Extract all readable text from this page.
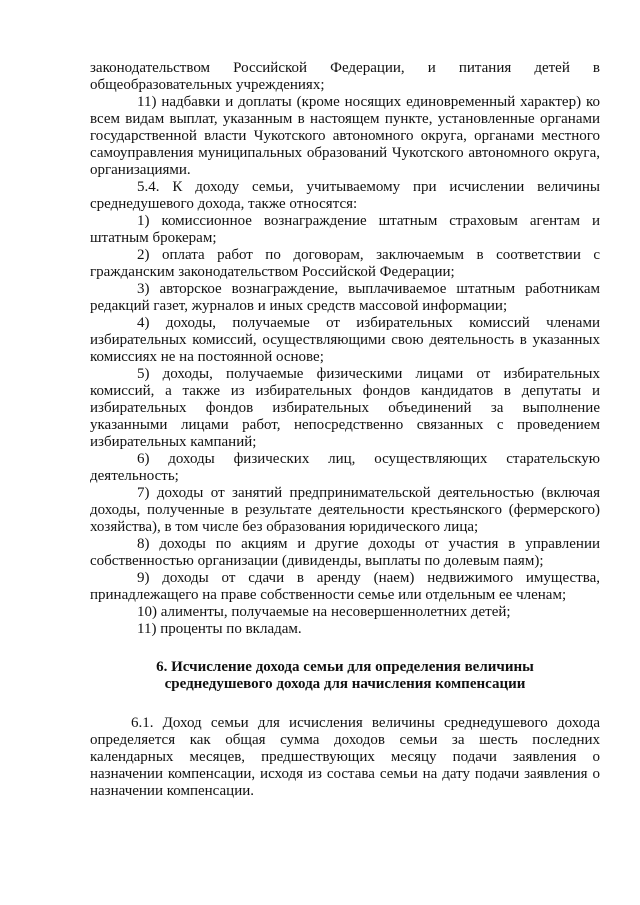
законодательством Российской Федерации, и питания детей в общеобразовательных учреждениях;

11) надбавки и доплаты (кроме носящих единовременный характер) ко всем видам выплат, указанным в настоящем пункте, установленные органами государственной власти Чукотского автономного округа, органами местного самоуправления муниципальных образований Чукотского автономного округа, организациями.

5.4. К доходу семьи, учитываемому при исчислении величины среднедушевого дохода, также относятся:

1) комиссионное вознаграждение штатным страховым агентам и штатным брокерам;

2) оплата работ по договорам, заключаемым в соответствии с гражданским законодательством Российской Федерации;

3) авторское вознаграждение, выплачиваемое штатным работникам редакций газет, журналов и иных средств массовой информации;

4) доходы, получаемые от избирательных комиссий членами избирательных комиссий, осуществляющими свою деятельность в указанных комиссиях не на постоянной основе;

5) доходы, получаемые физическими лицами от избирательных комиссий, а также из избирательных фондов кандидатов в депутаты и избирательных фондов избирательных объединений за выполнение указанными лицами работ, непосредственно связанных с проведением избирательных кампаний;

6) доходы физических лиц, осуществляющих старательскую деятельность;

7) доходы от занятий предпринимательской деятельностью (включая доходы, полученные в результате деятельности крестьянского (фермерского) хозяйства), в том числе без образования юридического лица;

8) доходы по акциям и другие доходы от участия в управлении собственностью организации (дивиденды, выплаты по долевым паям);

9) доходы от сдачи в аренду (наем) недвижимого имущества, принадлежащего на праве собственности семье или отдельным ее членам;

10) алименты, получаемые на несовершеннолетних детей;

11) проценты по вкладам.

6. Исчисление дохода семьи для определения величины
среднедушевого дохода для начисления компенсации

6.1. Доход семьи для исчисления величины среднедушевого дохода определяется как общая сумма доходов семьи за шесть последних календарных месяцев, предшествующих месяцу подачи заявления о назначении компенсации, исходя из состава семьи на дату подачи заявления о назначении компенсации.
